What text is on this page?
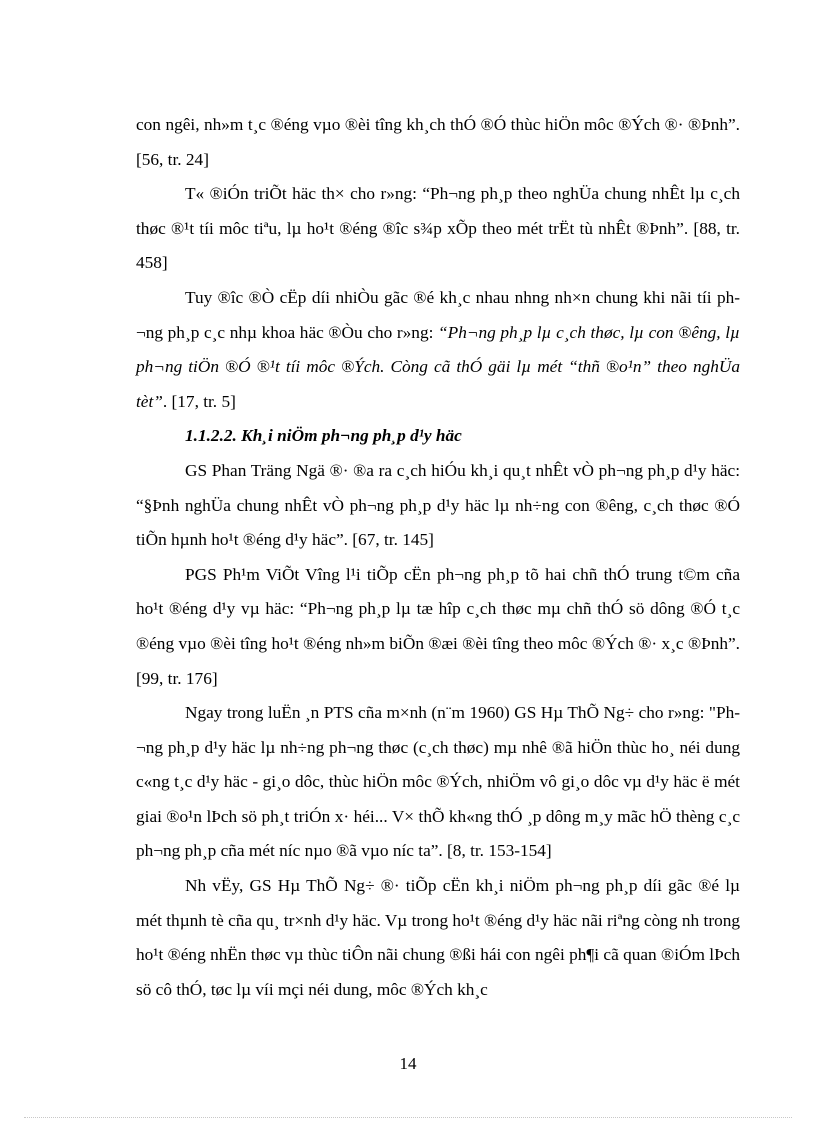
con ngêi, nh»m t¸c ®éng vµo ®èi tîng kh¸ch thÓ ®Ó thùc hiÖn môc ®Ých ®· ®Þnh”. [56, tr. 24]

T« ®iÓn triÕt häc th× cho r»ng: “Ph¬ng ph¸p theo nghÜa chung nhÊt lµ c¸ch thøc ®¹t tíi môc tiªu, lµ ho¹t ®éng ®îc s¾p xÕp theo mét trËt tù nhÊt ®Þnh”. [88, tr. 458]

Tuy ®îc ®Ò cËp díi nhiÒu gãc ®é kh¸c nhau nhng nh×n chung khi nãi tíi ph¬ng ph¸p c¸c nhµ khoa häc ®Òu cho r»ng: “Ph¬ng ph¸p lµ c¸ch thøc, lµ con ®êng, lµ ph¬ng tiÖn ®Ó ®¹t tíi môc ®Ých. Còng cã thÓ gäi lµ mét “thñ ®o¹n” theo nghÜa tèt”. [17, tr. 5]

1.1.2.2. Kh¸i niÖm ph¬ng ph¸p d¹y häc

GS Phan Träng Ngä ®· ®a ra c¸ch hiÓu kh¸i qu¸t nhÊt vÒ ph¬ng ph¸p d¹y häc: “§Þnh nghÜa chung nhÊt vÒ ph¬ng ph¸p d¹y häc lµ nh÷ng con ®êng, c¸ch thøc ®Ó tiÕn hµnh ho¹t ®éng d¹y häc”. [67, tr. 145]

PGS Ph¹m ViÕt Vîng l¹i tiÕp cËn ph¬ng ph¸p tõ hai chñ thÓ trung t©m cña ho¹t ®éng d¹y vµ häc: “Ph¬ng ph¸p lµ tæ hîp c¸ch thøc mµ chñ thÓ sö dông ®Ó t¸c ®éng vµo ®èi tîng ho¹t ®éng nh»m biÕn ®æi ®èi tîng theo môc ®Ých ®· x¸c ®Þnh”. [99, tr. 176]

Ngay trong luËn ¸n PTS cña m×nh (n¨m 1960) GS Hµ ThÕ Ng÷ cho r»ng: "Ph¬ng ph¸p d¹y häc lµ nh÷ng ph¬ng thøc (c¸ch thøc) mµ nhê ®ã hiÖn thùc ho¸ néi dung c«ng t¸c d¹y häc - gi¸o dôc, thùc hiÖn môc ®Ých, nhiÖm vô gi¸o dôc vµ d¹y häc ë mét giai ®o¹n lÞch sö ph¸t triÓn x· héi... V× thÕ kh«ng thÓ ¸p dông m¸y mãc hÖ thèng c¸c ph¬ng ph¸p cña mét níc nµo ®ã vµo níc ta”. [8, tr. 153-154]

Nh vËy, GS Hµ ThÕ Ng÷ ®· tiÕp cËn kh¸i niÖm ph¬ng ph¸p díi gãc ®é lµ mét thµnh tè cña qu¸ tr×nh d¹y häc. Vµ trong ho¹t ®éng d¹y häc nãi riªng còng nh trong ho¹t ®éng nhËn thøc vµ thùc tiÔn nãi chung ®ßi hái con ngêi ph¶i cã quan ®iÓm lÞch sö cô thÓ, tøc lµ víi mçi néi dung, môc ®Ých kh¸c

14
